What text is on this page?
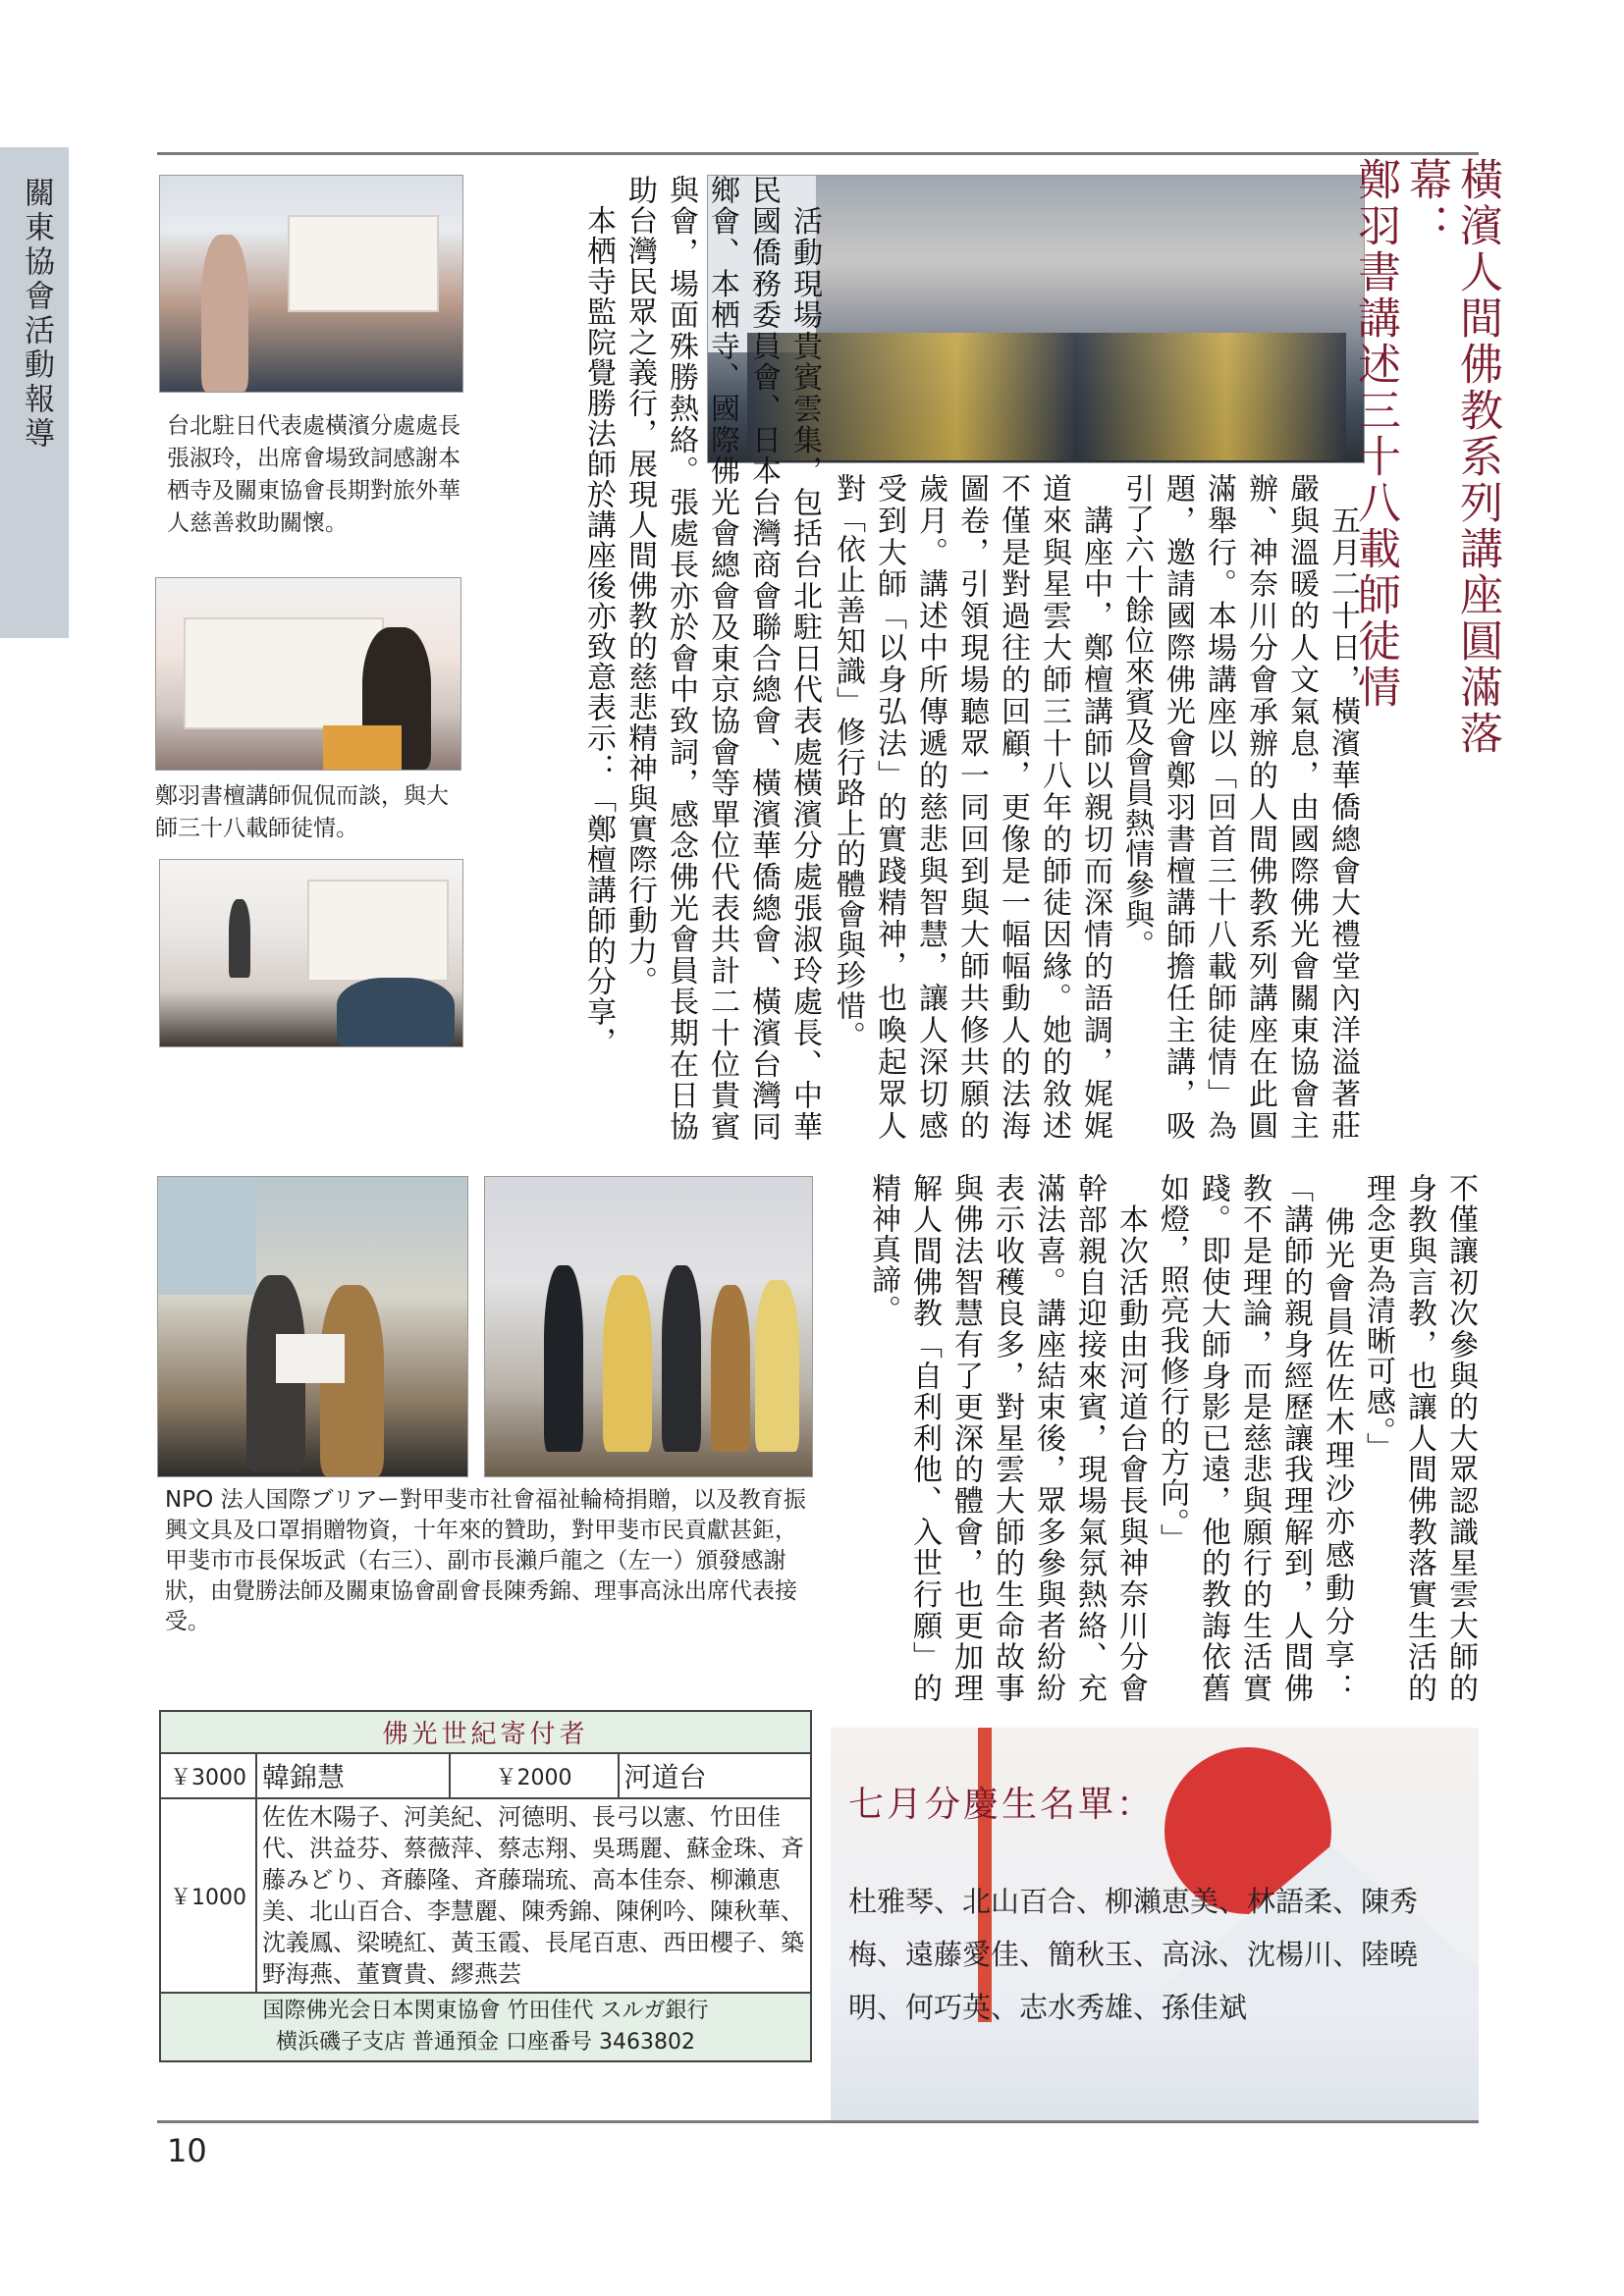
關東協會活動報導	台北駐日代表處橫濱分處處長張淑玲，出席會場致詞感謝本栖寺及關東協會長期對旅外華人慈善救助關懷。
鄭羽書檀講師侃侃而談，與大師三十八載師徒情。
橫濱人間佛教系列講座圓滿落幕：
鄭羽書講述三十八載師徒情

　五月二十日，橫濱華僑總會大禮堂內洋溢著莊嚴與溫暖的人文氣息，由國際佛光會關東協會主辦、神奈川分會承辦的人間佛教系列講座在此圓滿舉行。本場講座以「回首三十八載師徒情」為題，邀請國際佛光會鄭羽書檀講師擔任主講，吸引了六十餘位來賓及會員熱情參與。

　講座中，鄭檀講師以親切而深情的語調，娓娓道來與星雲大師三十八年的師徒因緣。她的敘述不僅是對過往的回顧，更像是一幅幅動人的法海圖卷，引領現場聽眾一同回到與大師共修共願的歲月。講述中所傳遞的慈悲與智慧，讓人深切感受到大師「以身弘法」的實踐精神，也喚起眾人對「依止善知識」修行路上的體會與珍惜。

　活動現場貴賓雲集，包括台北駐日代表處橫濱分處張淑玲處長、中華民國僑務委員會、日本台灣商會聯合總會、橫濱華僑總會、橫濱台灣同鄉會、本栖寺、國際佛光會總會及東京協會等單位代表共計二十位貴賓與會，場面殊勝熱絡。張處長亦於會中致詞，感念佛光會員長期在日協助台灣民眾之義行，展現人間佛教的慈悲精神與實際行動力。

　本栖寺監院覺勝法師於講座後亦致意表示：「鄭檀講師的分享，

不僅讓初次參與的大眾認識星雲大師的身教與言教，也讓人間佛教落實生活的理念更為清晰可感。」

　佛光會員佐佐木理沙亦感動分享：「講師的親身經歷讓我理解到，人間佛教不是理論，而是慈悲與願行的生活實踐。即使大師身影已遠，他的教誨依舊如燈，照亮我修行的方向。」

　本次活動由河道台會長與神奈川分會幹部親自迎接來賓，現場氣氛熱絡、充滿法喜。講座結束後，眾多參與者紛紛表示收穫良多，對星雲大師的生命故事與佛法智慧有了更深的體會，也更加理解人間佛教「自利利他、入世行願」的精神真諦。

NPO 法人国際ブリアー對甲斐市社會福祉輪椅捐贈，以及教育振興文具及口罩捐贈物資，十年來的贊助，對甲斐市民貢獻甚鉅，甲斐市市長保坂武（右三）、副市長瀨戶龍之（左一）頒發感謝狀，由覺勝法師及關東協會副會長陳秀錦、理事高泳出席代表接受。
佛光世紀寄付者			
￥3000	韓錦慧	￥2000	河道台
￥1000	佐佐木陽子、河美紀、河德明、長弓以憲、竹田佳代、洪益芬、蔡薇萍、蔡志翔、吳瑪麗、蘇金珠、斉藤みどり、斉藤隆、斉藤瑞琉、高本佳奈、柳瀨恵美、北山百合、李慧麗、陳秀錦、陳俐吟、陳秋華、沈義鳳、梁曉紅、黃玉霞、長尾百恵、西田櫻子、築野海燕、董寶貴、繆燕芸		

国際佛光会日本関東協會 竹田佳代 スルガ銀行
横浜磯子支店 普通預金 口座番号 3463802			
七月分慶生名單：
杜雅琴、北山百合、柳瀨恵美、林語柔、陳秀梅、遠藤愛佳、簡秋玉、高泳、沈楊川、陸曉明、何巧英、志水秀雄、孫佳斌
10
